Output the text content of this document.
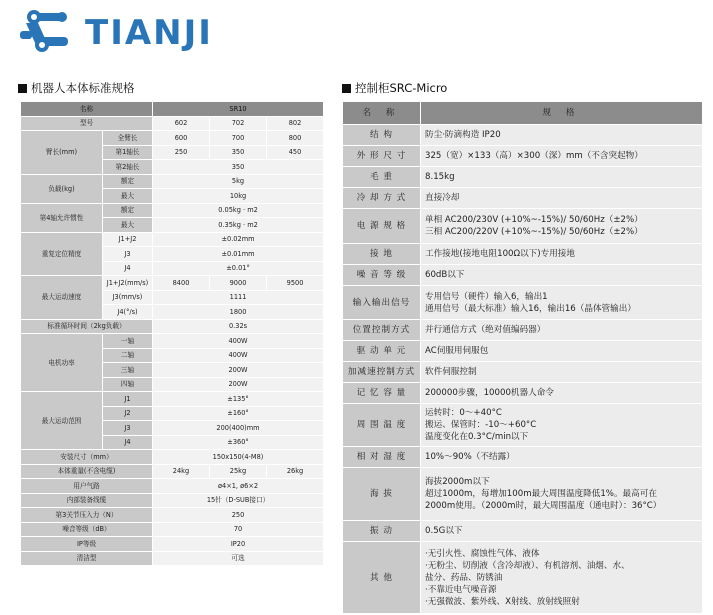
TIANJI
机器人本体标准规格	控制柜SRC-Micro
名称		SR10		
型号		602	702	802
臂长(mm)	全臂长	600	700	800
	第1轴长	250	350	450
	第2轴长	350		
负载(kg)	额定	5kg		
	最大	10kg		
第4轴允许惯性	额定	0.05kg · m2		
	最大	0.35kg · m2		
重复定位精度	J1+J2	±0.02mm		
	J3	±0.01mm		
	J4	±0.01°		
最大运动速度	J1+J2(mm/s)	8400	9000	9500
	J3(mm/s)	1111		
	J4(°/s)	1800		
标准循环时间（2kg负载）		0.32s		
电机功率	一轴	400W		
	二轴	400W		
	三轴	200W		
	四轴	200W		
最大运动范围	J1	±135°		
	J2	±160°		
	J3	200(400)mm		
	J4	±360°		
安装尺寸（mm）		150x150(4-M8)		
本体重量(不含电缆)		24kg	25kg	26kg
用户气路		ø4×1, ø6×2		
内部装备线缆		15针（D-SUB接口）		
第3关节压入力（N）		250		
噪音等级（dB）		70		
IP等级		IP20		
清洁型		可选		
名 称	规 格
结 构	防尘·防滴构造 IP20

外 形 尺 寸	325（宽）×133（高）×300（深）mm（不含突起物）

毛 重	8.15kg

冷 却 方 式	直接冷却

电 源 规 格	单相 AC200/230V (+10%~-15%)/ 50/60Hz（±2%）
三相 AC200/220V (+10%~-15%)/ 50/60Hz（±2%）

接 地	工作接地(接地电阻100Ω以下)专用接地

噪 音 等 级	60dB以下

输入输出信号	专用信号（硬件）输入6，输出1
通用信号（最大标准）输入16，输出16（晶体管输出）

位置控制方式	并行通信方式（绝对值编码器）

驱 动 单 元	AC伺服用伺服包

加减速控制方式	软件伺服控制

记 忆 容 量	200000步骤，10000机器人命令

周 围 温 度	运转时：0～+40°C
搬运、保管时：-10～+60°C
温度变化在0.3°C/min以下

相 对 湿 度	10%～90%（不结露）

海 拔	海拔2000m以下
超过1000m，每增加100m最大周围温度降低1%。最高可在
2000m使用。（2000m时，最大周围温度（通电时）：36°C）

振 动	0.5G以下

其 他	·无引火性、腐蚀性气体、液体
·无粉尘、切削液（含冷却液）、有机溶剂、油烟、水、
盐分、药品、防锈油
·不靠近电气噪音源
·无强微波、紫外线、X射线、放射线照射
